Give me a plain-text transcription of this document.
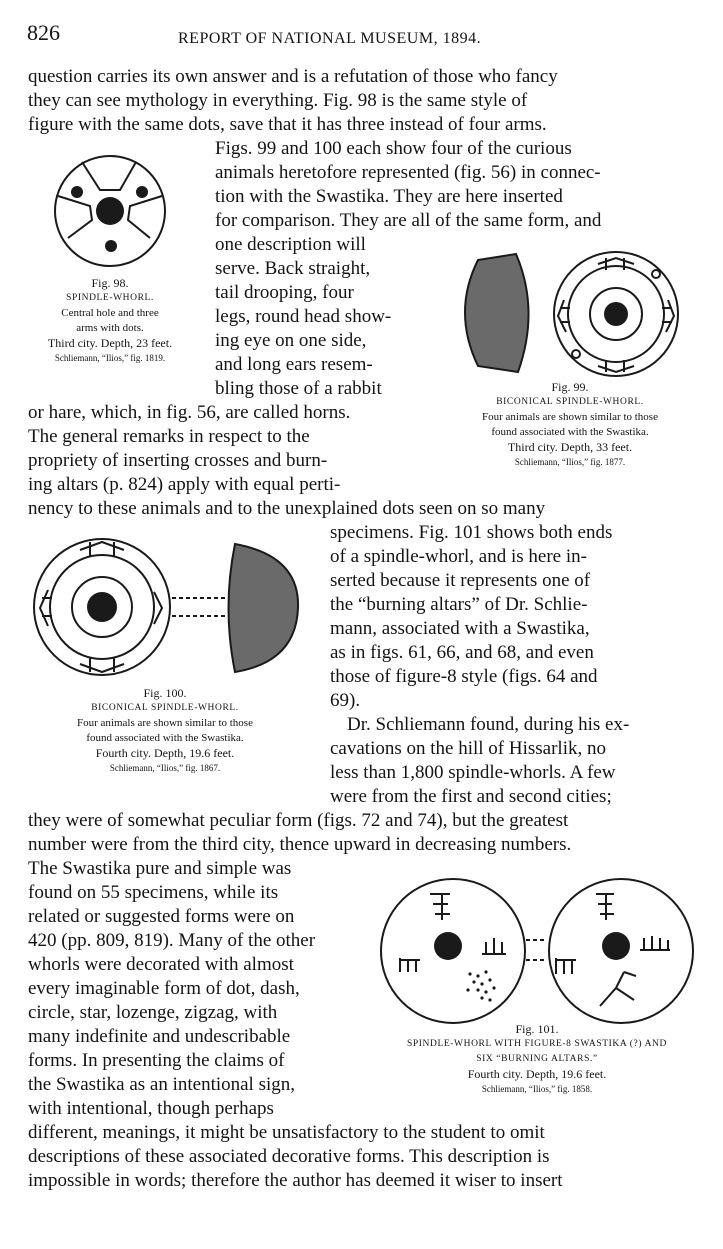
826	REPORT OF NATIONAL MUSEUM, 1894.
question carries its own answer and is a refutation of those who fancy
they can see mythology in everything. Fig. 98 is the same style of
figure with the same dots, save that it has three instead of four arms.
Figs. 99 and 100 each show four of the curious
animals heretofore represented (fig. 56) in connec-
tion with the Swastika. They are here inserted
for comparison. They are all of the same form, and
one description will
serve. Back straight,
tail drooping, four
legs, round head show-
ing eye on one side,
and long ears resem-
bling those of a rabbit
or hare, which, in fig. 56, are called horns.
The general remarks in respect to the
propriety of inserting crosses and burn-
ing altars (p. 824) apply with equal perti-
nency to these animals and to the unexplained dots seen on so many
specimens. Fig. 101 shows both ends
of a spindle-whorl, and is here in-
serted because it represents one of
the “burning altars” of Dr. Schlie-
mann, associated with a Swastika,
as in figs. 61, 66, and 68, and even
those of figure-8 style (figs. 64 and
69).
Dr. Schliemann found, during his ex-
cavations on the hill of Hissarlik, no
less than 1,800 spindle-whorls. A few
were from the first and second cities;
they were of somewhat peculiar form (figs. 72 and 74), but the greatest
number were from the third city, thence upward in decreasing numbers.
The Swastika pure and simple was
found on 55 specimens, while its
related or suggested forms were on
420 (pp. 809, 819). Many of the other
whorls were decorated with almost
every imaginable form of dot, dash,
circle, star, lozenge, zigzag, with
many indefinite and undescribable
forms. In presenting the claims of
the Swastika as an intentional sign,
with intentional, though perhaps
different, meanings, it might be unsatisfactory to the student to omit
descriptions of these associated decorative forms. This description is
impossible in words; therefore the author has deemed it wiser to insert
Fig. 98.
SPINDLE-WHORL.
Central hole and three
arms with dots.
Third city. Depth, 23 feet.
Schliemann, “Ilios,” fig. 1819.
Fig. 99.
BICONICAL SPINDLE-WHORL.
Four animals are shown similar to those
found associated with the Swastika.
Third city. Depth, 33 feet.
Schliemann, “Ilios,” fig. 1877.
Fig. 100.
BICONICAL SPINDLE-WHORL.
Four animals are shown similar to those
found associated with the Swastika.
Fourth city. Depth, 19.6 feet.
Schliemann, “Ilios,” fig. 1867.
Fig. 101.
SPINDLE-WHORL WITH FIGURE-8 SWASTIKA (?) AND
SIX “BURNING ALTARS.”
Fourth city. Depth, 19.6 feet.
Schliemann, “Ilios,” fig. 1858.
